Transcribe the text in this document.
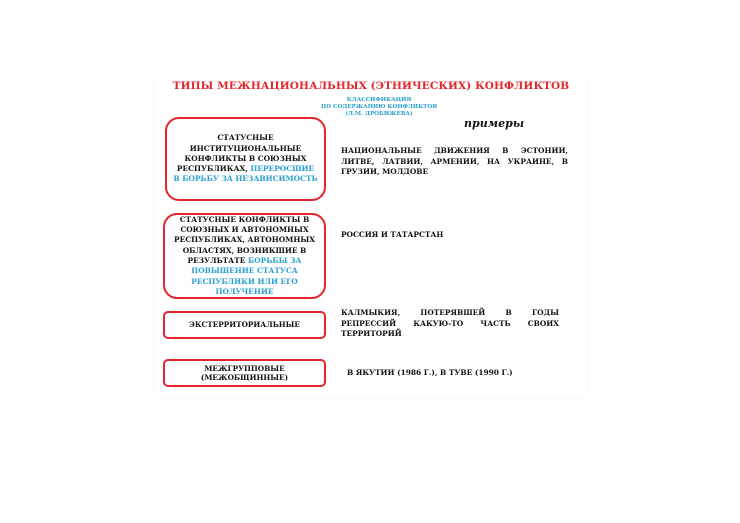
ТИПЫ МЕЖНАЦИОНАЛЬНЫХ (ЭТНИЧЕСКИХ) КОНФЛИКТОВ
КЛАССИФИКАЦИЯ
ПО СОДЕРЖАНИЮ КОНФЛИКТОВ
(Л.М. ДРОБИЖЕВА)
примеры
СТАТУСНЫЕ ИНСТИТУЦИОНАЛЬНЫЕ КОНФЛИКТЫ В СОЮЗНЫХ РЕСПУБЛИКАХ, ПЕРЕРОСШИЕ В БОРЬБУ ЗА НЕЗАВИСИМОСТЬ
НАЦИОНАЛЬНЫЕ ДВИЖЕНИЯ В ЭСТОНИИ, ЛИТВЕ, ЛАТВИИ, АРМЕНИИ, НА УКРАИНЕ, В ГРУЗИИ, МОЛДОВЕ
СТАТУСНЫЕ КОНФЛИКТЫ В СОЮЗНЫХ И АВТОНОМНЫХ РЕСПУБЛИКАХ, АВТОНОМНЫХ ОБЛАСТЯХ, ВОЗНИКШИЕ В РЕЗУЛЬТАТЕ БОРЬБЫ ЗА ПОВЫШЕНИЕ СТАТУСА РЕСПУБЛИКИ ИЛИ ЕГО ПОЛУЧЕНИЕ
РОССИЯ И ТАТАРСТАН
ЭКСТЕРРИТОРИАЛЬНЫЕ
КАЛМЫКИЯ, ПОТЕРЯВШЕЙ В ГОДЫ РЕПРЕССИЙ КАКУЮ-ТО ЧАСТЬ СВОИХ ТЕРРИТОРИЙ
МЕЖГРУППОВЫЕ (МЕЖОБЩИННЫЕ)
В ЯКУТИИ (1986 Г.), В ТУВЕ (1990 Г.)
